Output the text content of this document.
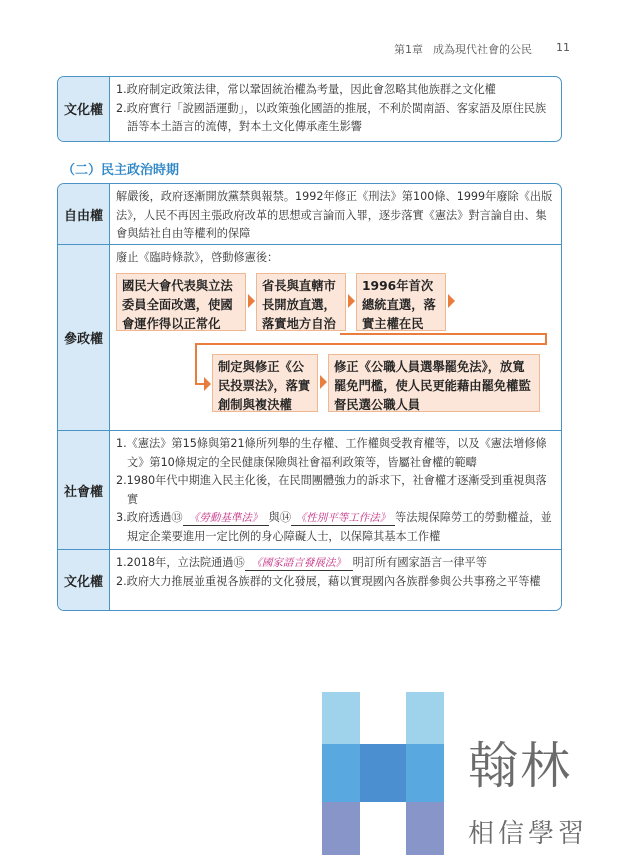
第1章 成為現代社會的公民 11
文化權

1.政府制定政策法律，常以鞏固統治權為考量，因此會忽略其他族群之文化權

2.政府實行「說國語運動」，以政策強化國語的推展，不利於閩南語、客家語及原住民族語等本土語言的流傳，對本土文化傳承產生影響

（二）民主政治時期
自由權

解嚴後，政府逐漸開放黨禁與報禁。1992年修正《刑法》第100條、1999年廢除《出版法》，人民不再因主張政府改革的思想或言論而入罪，逐步落實《憲法》對言論自由、集會與結社自由等權利的保障

參政權

廢止《臨時條款》，啓動修憲後：

國民大會代表與立法委員全面改選，使國會運作得以正常化
省長與直轄市長開放直選，落實地方自治
1996年首次總統直選，落實主權在民
制定與修正《公民投票法》，落實創制與複決權
修正《公職人員選舉罷免法》，放寬罷免門檻，使人民更能藉由罷免權監督民選公職人員
社會權

1.《憲法》第15條與第21條所列舉的生存權、工作權與受教育權等，以及《憲法增修條文》第10條規定的全民健康保險與社會福利政策等，皆屬社會權的範疇

2.1980年代中期進入民主化後，在民間團體強力的訴求下，社會權才逐漸受到重視與落實

3.政府透過⑬ 《勞動基準法》 與⑭ 《性別平等工作法》 等法規保障勞工的勞動權益，並規定企業要進用一定比例的身心障礙人士，以保障其基本工作權

文化權

1.2018年，立法院通過⑮ 《國家語言發展法》 明訂所有國家語言一律平等

2.政府大力推展並重視各族群的文化發展，藉以實現國內各族群參與公共事務之平等權

翰林
相信學習
